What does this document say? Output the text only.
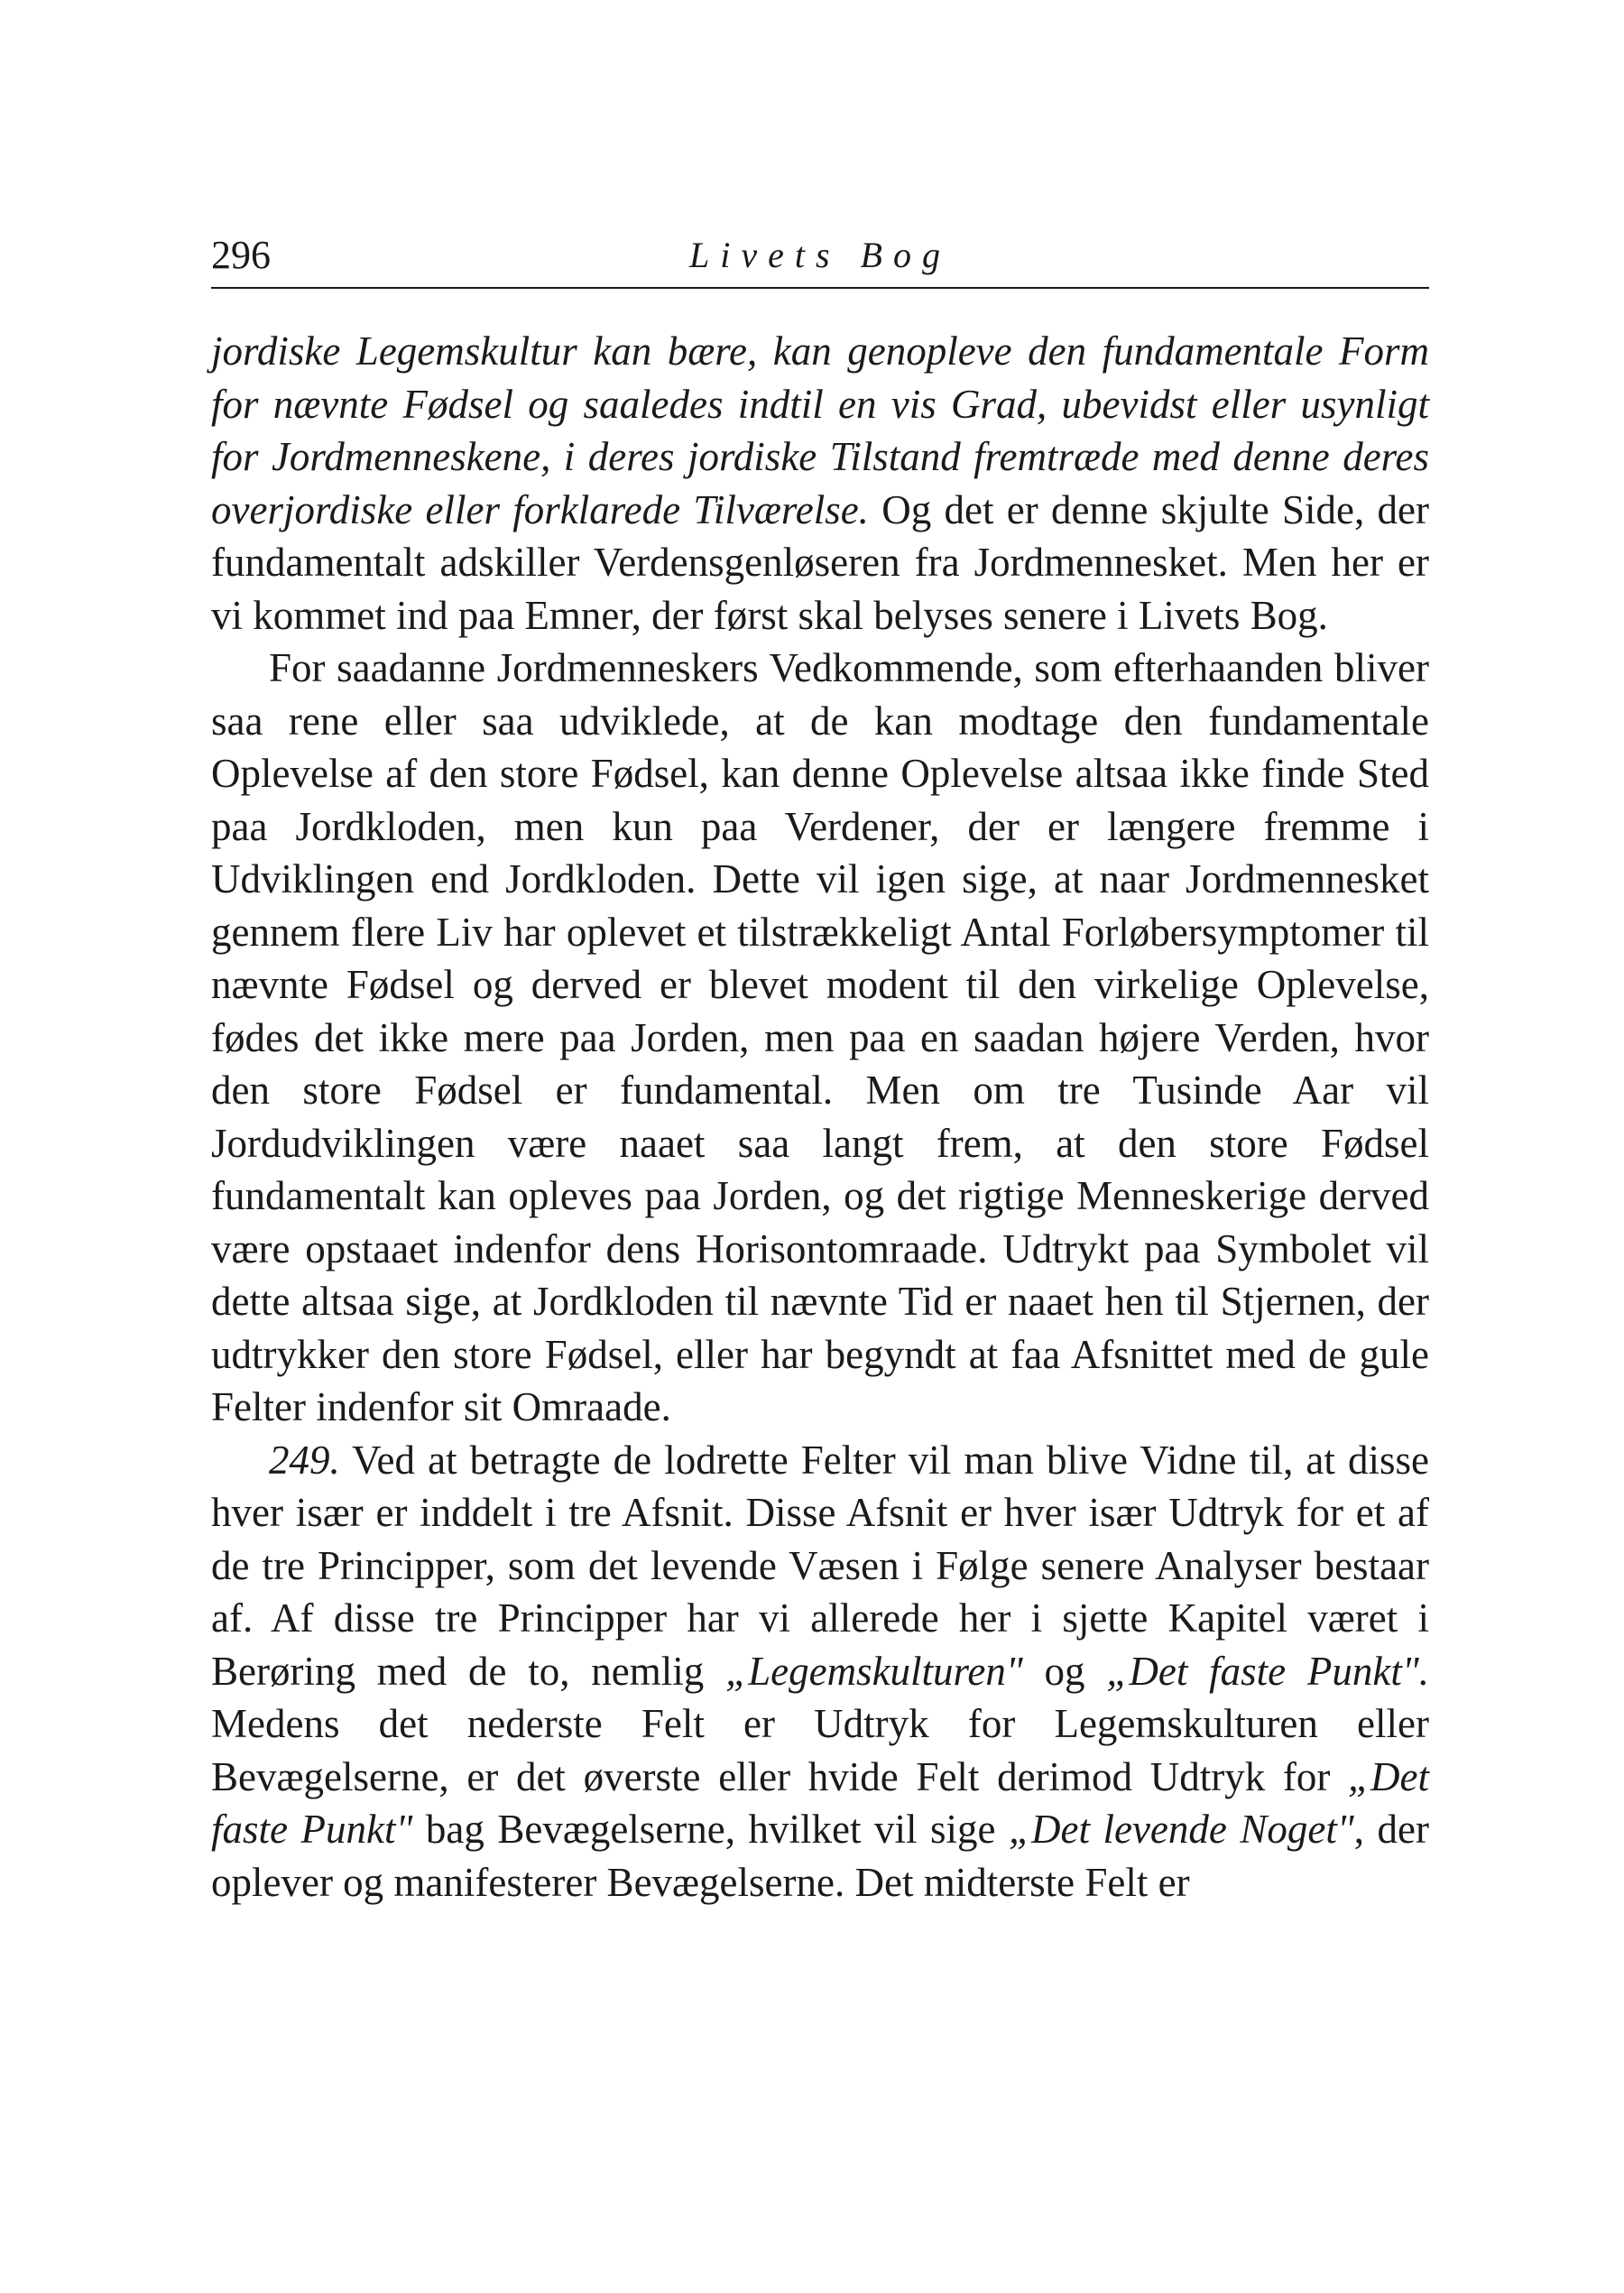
296	Livets Bog

jordiske Legemskultur kan bære, kan genopleve den fundamentale Form for nævnte Fødsel og saaledes indtil en vis Grad, ubevidst eller usynligt for Jordmenneskene, i deres jordiske Tilstand fremtræde med denne deres overjordiske eller forklarede Tilværelse. Og det er denne skjulte Side, der fundamentalt adskiller Verdensgenløseren fra Jordmennesket. Men her er vi kommet ind paa Emner, der først skal belyses senere i Livets Bog.

For saadanne Jordmenneskers Vedkommende, som efterhaanden bliver saa rene eller saa udviklede, at de kan modtage den fundamentale Oplevelse af den store Fødsel, kan denne Oplevelse altsaa ikke finde Sted paa Jordkloden, men kun paa Verdener, der er længere fremme i Udviklingen end Jordkloden. Dette vil igen sige, at naar Jordmennesket gennem flere Liv har oplevet et tilstrækkeligt Antal Forløbersymptomer til nævnte Fødsel og derved er blevet modent til den virkelige Oplevelse, fødes det ikke mere paa Jorden, men paa en saadan højere Verden, hvor den store Fødsel er fundamental. Men om tre Tusinde Aar vil Jordudviklingen være naaet saa langt frem, at den store Fødsel fundamentalt kan opleves paa Jorden, og det rigtige Menneskerige derved være opstaaet indenfor dens Horisontomraade. Udtrykt paa Symbolet vil dette altsaa sige, at Jordkloden til nævnte Tid er naaet hen til Stjernen, der udtrykker den store Fødsel, eller har begyndt at faa Afsnittet med de gule Felter indenfor sit Omraade.

249. Ved at betragte de lodrette Felter vil man blive Vidne til, at disse hver især er inddelt i tre Afsnit. Disse Afsnit er hver især Udtryk for et af de tre Principper, som det levende Væsen i Følge senere Analyser bestaar af. Af disse tre Principper har vi allerede her i sjette Kapitel været i Berøring med de to, nemlig „Legemskulturen" og „Det faste Punkt". Medens det nederste Felt er Udtryk for Legemskulturen eller Bevægelserne, er det øverste eller hvide Felt derimod Udtryk for „Det faste Punkt" bag Bevægelserne, hvilket vil sige „Det levende Noget", der oplever og manifesterer Bevægelserne. Det midterste Felt er
